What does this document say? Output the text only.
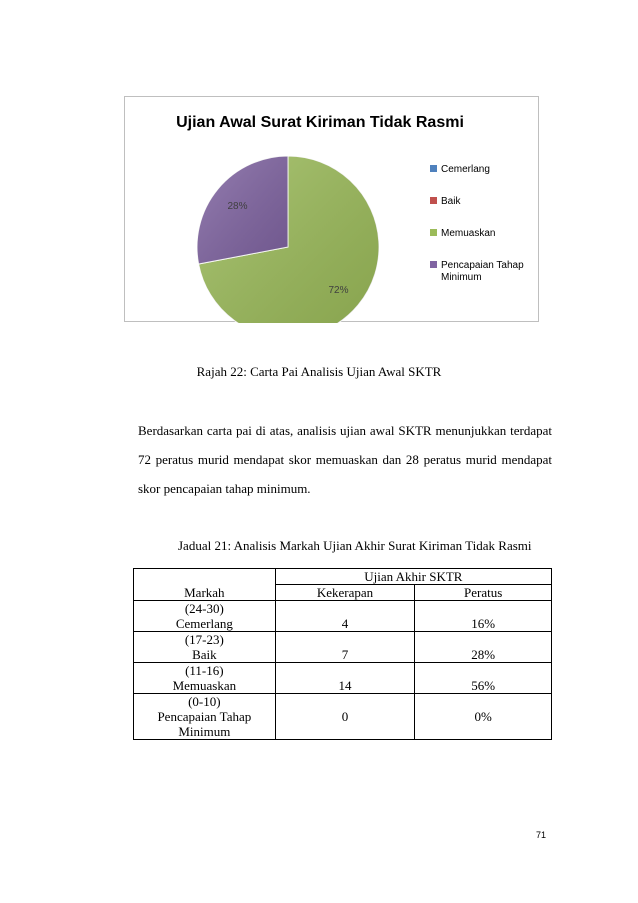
Ujian Awal Surat Kiriman Tidak Rasmi
72%
28%
Cemerlang
Baik
Memuaskan
Pencapaian Tahap Minimum
Rajah 22: Carta Pai Analisis Ujian Awal SKTR
Berdasarkan carta pai di atas, analisis ujian awal SKTR menunjukkan terdapat
72 peratus murid mendapat skor memuaskan dan 28 peratus murid mendapat
skor pencapaian tahap minimum.
Jadual 21: Analisis Markah Ujian Akhir Surat Kiriman Tidak Rasmi
Markah	Ujian Akhir SKTR	
	Kekerapan	Peratus

(24-30)
Cemerlang	4	16%

(17-23)
Baik	7	28%

(11-16)
Memuaskan	14	56%

(0-10)
Pencapaian Tahap
Minimum	0	0%
71
